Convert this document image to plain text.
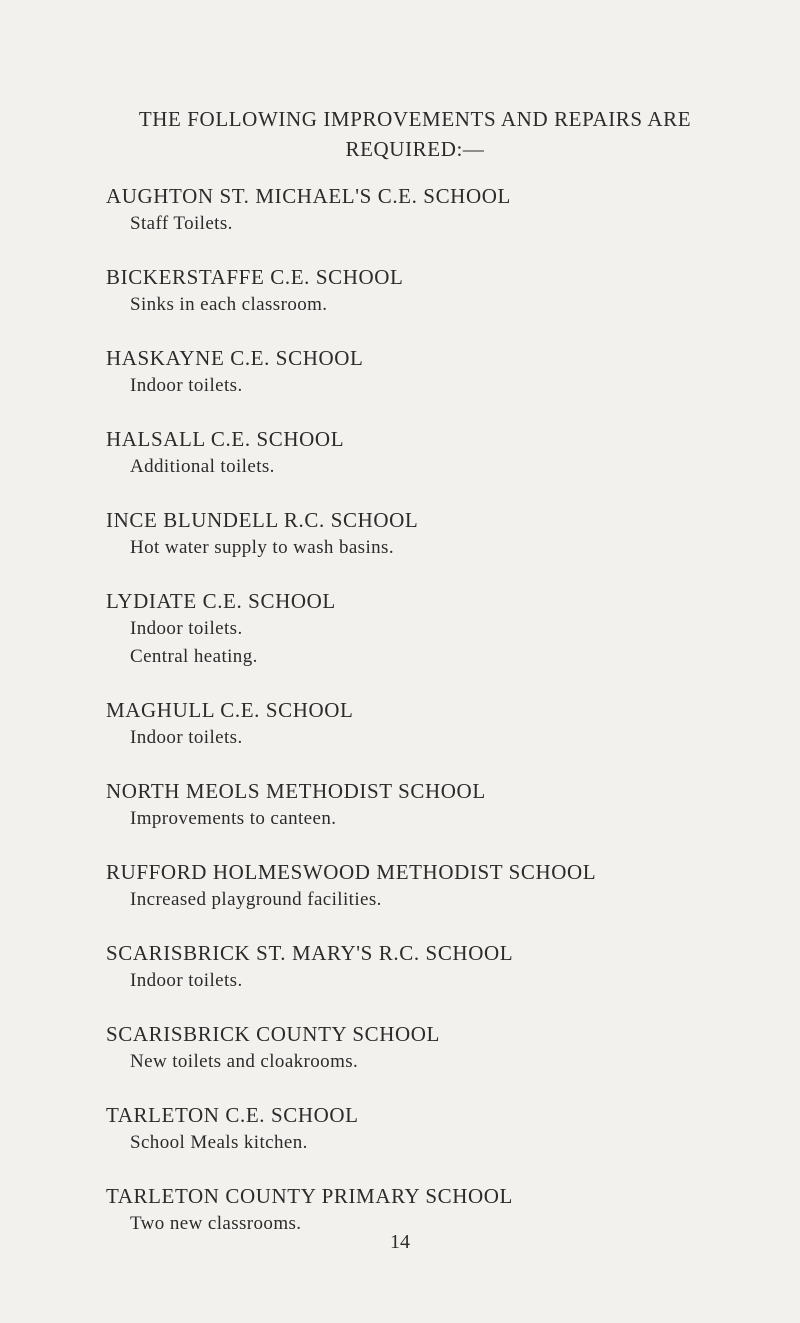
THE FOLLOWING IMPROVEMENTS AND REPAIRS ARE
REQUIRED:—

AUGHTON ST. MICHAEL'S C.E. SCHOOL

Staff Toilets.

BICKERSTAFFE C.E. SCHOOL

Sinks in each classroom.

HASKAYNE C.E. SCHOOL

Indoor toilets.

HALSALL C.E. SCHOOL

Additional toilets.

INCE BLUNDELL R.C. SCHOOL

Hot water supply to wash basins.

LYDIATE C.E. SCHOOL

Indoor toilets.

Central heating.

MAGHULL C.E. SCHOOL

Indoor toilets.

NORTH MEOLS METHODIST SCHOOL

Improvements to canteen.

RUFFORD HOLMESWOOD METHODIST SCHOOL

Increased playground facilities.

SCARISBRICK ST. MARY'S R.C. SCHOOL

Indoor toilets.

SCARISBRICK COUNTY SCHOOL

New toilets and cloakrooms.

TARLETON C.E. SCHOOL

School Meals kitchen.

TARLETON COUNTY PRIMARY SCHOOL

Two new classrooms.

14
